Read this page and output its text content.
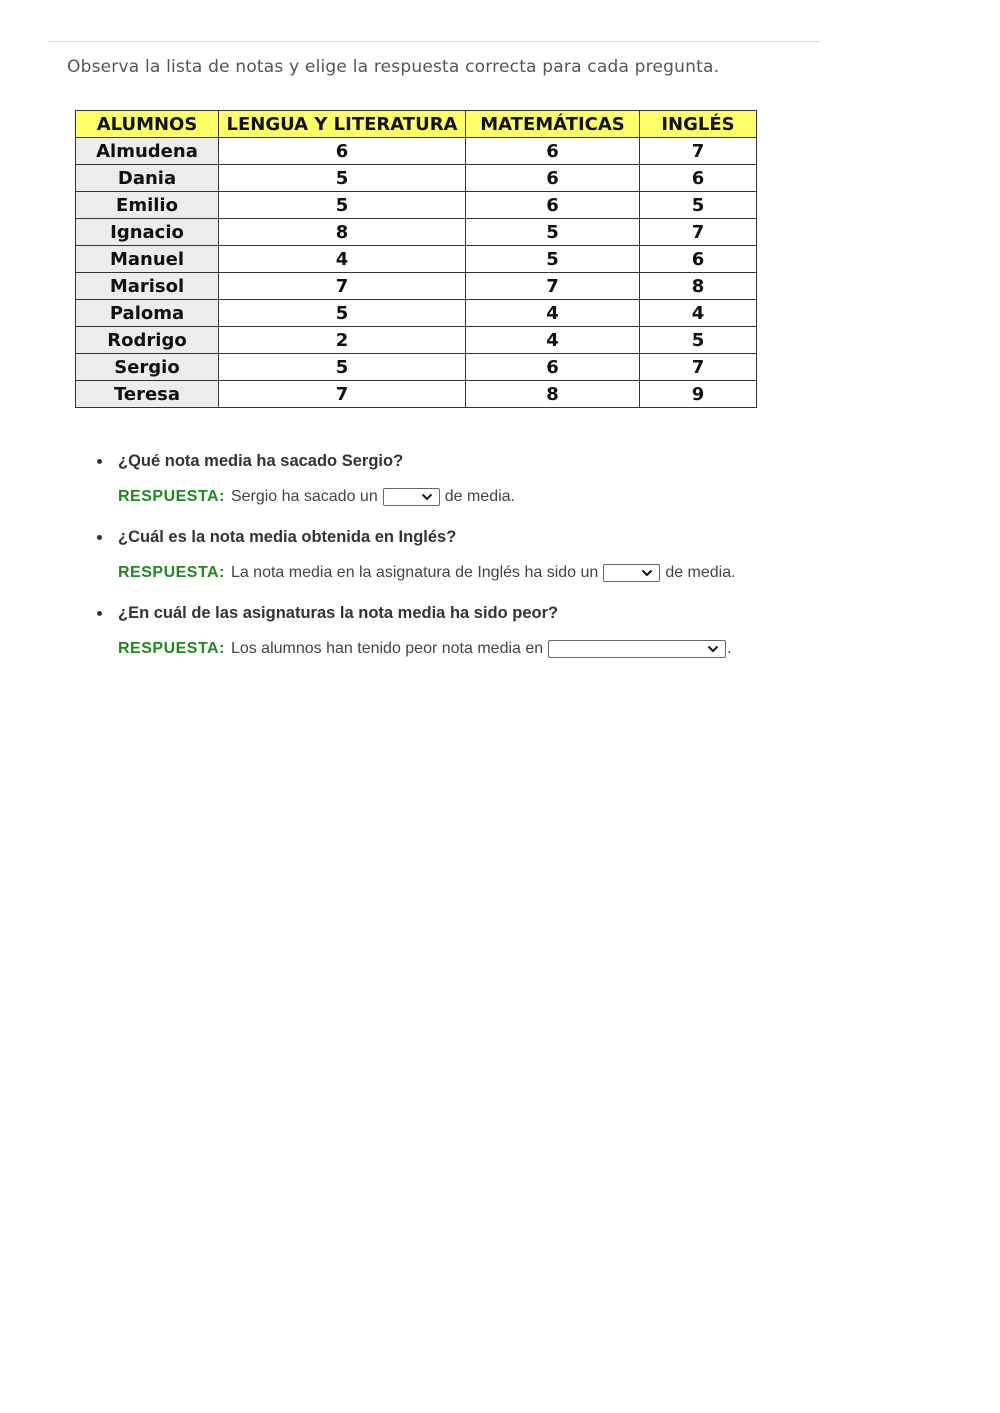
Observa la lista de notas y elige la respuesta correcta para cada pregunta.
ALUMNOS	LENGUA Y LITERATURA	MATEMÁTICAS	INGLÉS
Almudena	6	6	7
Dania	5	6	6
Emilio	5	6	5
Ignacio	8	5	7
Manuel	4	5	6
Marisol	7	7	8
Paloma	5	4	4
Rodrigo	2	4	5
Sergio	5	6	7
Teresa	7	8	9
¿Qué nota media ha sacado Sergio?
RESPUESTA: Sergio ha sacado un	de media.
¿Cuál es la nota media obtenida en Inglés?
RESPUESTA: La nota media en la asignatura de Inglés ha sido un	de media.
¿En cuál de las asignaturas la nota media ha sido peor?
RESPUESTA: Los alumnos han tenido peor nota media en	.
